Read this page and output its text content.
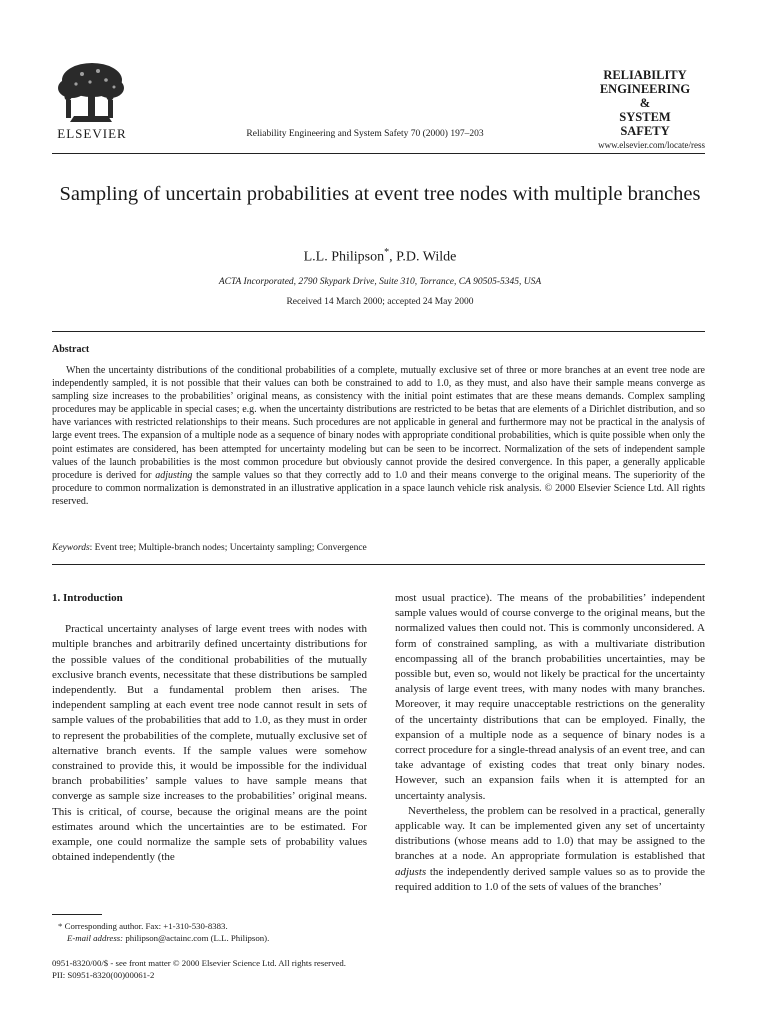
ELSEVIER	Reliability Engineering and System Safety 70 (2000) 197–203
RELIABILITY
ENGINEERING
&
SYSTEM
SAFETY
www.elsevier.com/locate/ress
Sampling of uncertain probabilities at event tree nodes with multiple branches
L.L. Philipson*, P.D. Wilde
ACTA Incorporated, 2790 Skypark Drive, Suite 310, Torrance, CA 90505-5345, USA
Received 14 March 2000; accepted 24 May 2000
Abstract
When the uncertainty distributions of the conditional probabilities of a complete, mutually exclusive set of three or more branches at an event tree node are independently sampled, it is not possible that their values can both be constrained to add to 1.0, as they must, and also have their sample means converge as sampling size increases to the probabilities’ original means, as consistency with the initial point estimates that are these means demands. Complex sampling procedures may be applicable in special cases; e.g. when the uncertainty distributions are restricted to be betas that are elements of a Dirichlet distribution, and so have variances with restricted relationships to their means. Such procedures are not applicable in general and furthermore may not be practical in the analysis of large event trees. The expansion of a multiple node as a sequence of binary nodes with appropriate conditional probabilities, which is quite possible when only the point estimates are considered, has been attempted for uncertainty modeling but can be seen to be incorrect. Normalization of the sets of independent sample values of the launch probabilities is the most common procedure but obviously cannot provide the desired convergence. In this paper, a generally applicable procedure is derived for adjusting the sample values so that they correctly add to 1.0 and their means converge to the original means. The superiority of the procedure to common normalization is demonstrated in an illustrative application in a space launch vehicle risk analysis. © 2000 Elsevier Science Ltd. All rights reserved.
Keywords: Event tree; Multiple-branch nodes; Uncertainty sampling; Convergence
1. Introduction

Practical uncertainty analyses of large event trees with nodes with multiple branches and arbitrarily defined uncertainty distributions for the possible values of the conditional probabilities of the mutually exclusive branch events, necessitate that these distributions be sampled independently. But a fundamental problem then arises. The independent sampling at each event tree node cannot result in sets of sample values of the probabilities that add to 1.0, as they must in order to represent the probabilities of the complete, mutually exclusive set of alternative branch events. If the sample values were somehow constrained to provide this, it would be impossible for the individual branch probabilities’ sample values to have sample means that converge as sample size increases to the probabilities’ original means. This is critical, of course, because the original means are the point estimates around which the uncertainties are to be estimated. For example, one could normalize the sample sets of probability values obtained independently (the

most usual practice). The means of the probabilities’ independent sample values would of course converge to the original means, but the normalized values then could not. This is commonly unconsidered. A form of constrained sampling, as with a multivariate distribution encompassing all of the branch probabilities uncertainties, may be possible but, even so, would not likely be practical for the uncertainty analysis of large event trees, with many nodes with many branches. Moreover, it may require unacceptable restrictions on the generality of the uncertainty distributions that can be employed. Finally, the expansion of a multiple node as a sequence of binary nodes is a correct procedure for a single-thread analysis of an event tree, and can take advantage of existing codes that treat only binary nodes. However, such an expansion fails when it is attempted for an uncertainty analysis.

Nevertheless, the problem can be resolved in a practical, generally applicable way. It can be implemented given any set of uncertainty distributions (whose means add to 1.0) that may be assigned to the branches at a node. An appropriate formulation is established that adjusts the independently derived sample values so as to provide the required addition to 1.0 of the sets of values of the branches’

* Corresponding author. Fax: +1-310-530-8383.
E-mail address: philipson@actainc.com (L.L. Philipson).
0951-8320/00/$ - see front matter © 2000 Elsevier Science Ltd. All rights reserved.
PII: S0951-8320(00)00061-2
